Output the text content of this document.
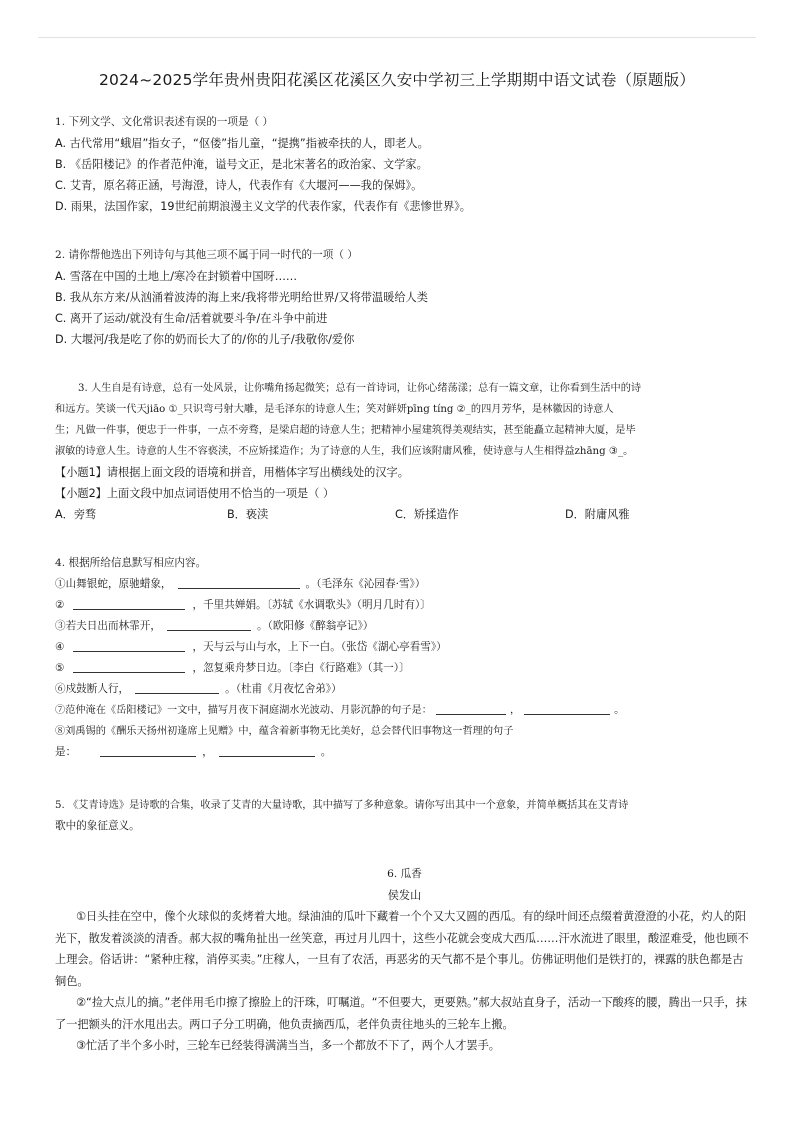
2024~2025学年贵州贵阳花溪区花溪区久安中学初三上学期期中语文试卷（原题版）
1. 下列文学、文化常识表述有误的一项是（ ）
A. 古代常用“蛾眉”指女子，“伛偻”指儿童，“提携”指被牵扶的人，即老人。
B. 《岳阳楼记》的作者范仲淹，谥号文正，是北宋著名的政治家、文学家。
C. 艾青，原名蒋正涵，号海澄，诗人，代表作有《大堰河——我的保姆》。
D. 雨果，法国作家，19世纪前期浪漫主义文学的代表作家，代表作有《悲惨世界》。
2. 请你帮他选出下列诗句与其他三项不属于同一时代的一项（ ）
A. 雪落在中国的土地上/寒冷在封锁着中国呀……
B. 我从东方来/从汹涌着波涛的海上来/我将带光明给世界/又将带温暖给人类
C. 离开了运动/就没有生命/活着就要斗争/在斗争中前进
D. 大堰河/我是吃了你的奶而长大了的/你的儿子/我敬你/爱你
3. 人生自是有诗意，总有一处风景，让你嘴角扬起微笑；总有一首诗词，让你心绪荡漾；总有一篇文章，让你看到生活中的诗
和远方。笑谈一代天jiāo ①_只识弯弓射大雕，是毛泽东的诗意人生；笑对鲜妍pīng tíng ②_的四月芳华，是林徽因的诗意人
生；凡做一件事，便忠于一件事，一点不旁骛，是梁启超的诗意人生；把精神小屋建筑得美观结实，甚至能矗立起精神大厦，是毕
淑敏的诗意人生。诗意的人生不容亵渎，不应矫揉造作；为了诗意的人生，我们应该附庸风雅，使诗意与人生相得益zhāng ③_。
【小题1】请根据上面文段的语境和拼音，用楷体字写出横线处的汉字。
【小题2】上面文段中加点词语使用不恰当的一项是（ ）
A．旁骛	B．亵渎	C．矫揉造作	D．附庸风雅
4. 根据所给信息默写相应内容。
①山舞银蛇，原驰蜡象，	。（毛泽东《沁园春·雪》）
②	，千里共婵娟。〔苏轼《水调歌头》（明月几时有）〕
③若夫日出而林霏开，	。（欧阳修《醉翁亭记》）
④	，天与云与山与水，上下一白。（张岱《湖心亭看雪》）
⑤	，忽复乘舟梦日边。〔李白《行路难》（其一）〕
⑥戍鼓断人行，	。（杜甫《月夜忆舍弟》）
⑦范仲淹在《岳阳楼记》一文中，描写月夜下洞庭湖水光波动、月影沉静的句子是：	，	。
⑧刘禹锡的《酬乐天扬州初逢席上见赠》中，蕴含着新事物无比美好，总会替代旧事物这一哲理的句子
是：	，	。
5. 《艾青诗选》是诗歌的合集，收录了艾青的大量诗歌，其中描写了多种意象。请你写出其中一个意象，并简单概括其在艾青诗
歌中的象征意义。
6. 瓜香
侯发山
①日头挂在空中，像个火球似的炙烤着大地。绿油油的瓜叶下藏着一个个又大又圆的西瓜。有的绿叶间还点缀着黄澄澄的小花，灼人的阳光下，散发着淡淡的清香。郝大叔的嘴角扯出一丝笑意，再过月儿四十，这些小花就会变成大西瓜……汗水流进了眼里，酸涩难受，他也顾不上理会。俗话讲：“紧种庄稼，消停买卖。”庄稼人，一旦有了农活，再恶劣的天气都不是个事儿。仿佛证明他们是铁打的，裸露的肤色都是古铜色。
②“捡大点儿的摘。”老伴用毛巾擦了擦脸上的汗珠，叮嘱道。“不但要大，更要熟。”郝大叔站直身子，活动一下酸疼的腰，腾出一只手，抹了一把额头的汗水甩出去。两口子分工明确，他负责摘西瓜，老伴负责往地头的三轮车上搬。
③忙活了半个多小时，三轮车已经装得满满当当，多一个都放不下了，两个人才罢手。
